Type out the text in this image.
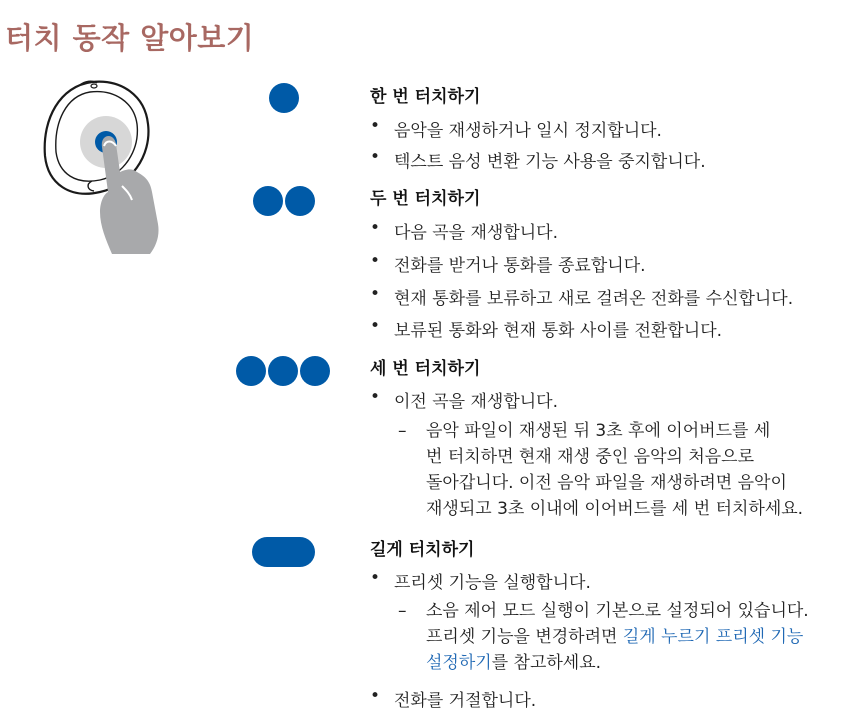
터치 동작 알아보기
한 번 터치하기
• 음악을 재생하거나 일시 정지합니다.
• 텍스트 음성 변환 기능 사용을 중지합니다.
두 번 터치하기
• 다음 곡을 재생합니다.
• 전화를 받거나 통화를 종료합니다.
• 현재 통화를 보류하고 새로 걸려온 전화를 수신합니다.
• 보류된 통화와 현재 통화 사이를 전환합니다.
세 번 터치하기
• 이전 곡을 재생합니다.
– 음악 파일이 재생된 뒤 3초 후에 이어버드를 세
번 터치하면 현재 재생 중인 음악의 처음으로
돌아갑니다. 이전 음악 파일을 재생하려면 음악이
재생되고 3초 이내에 이어버드를 세 번 터치하세요.
길게 터치하기
• 프리셋 기능을 실행합니다.
– 소음 제어 모드 실행이 기본으로 설정되어 있습니다.
프리셋 기능을 변경하려면 길게 누르기 프리셋 기능
설정하기를 참고하세요.
• 전화를 거절합니다.
